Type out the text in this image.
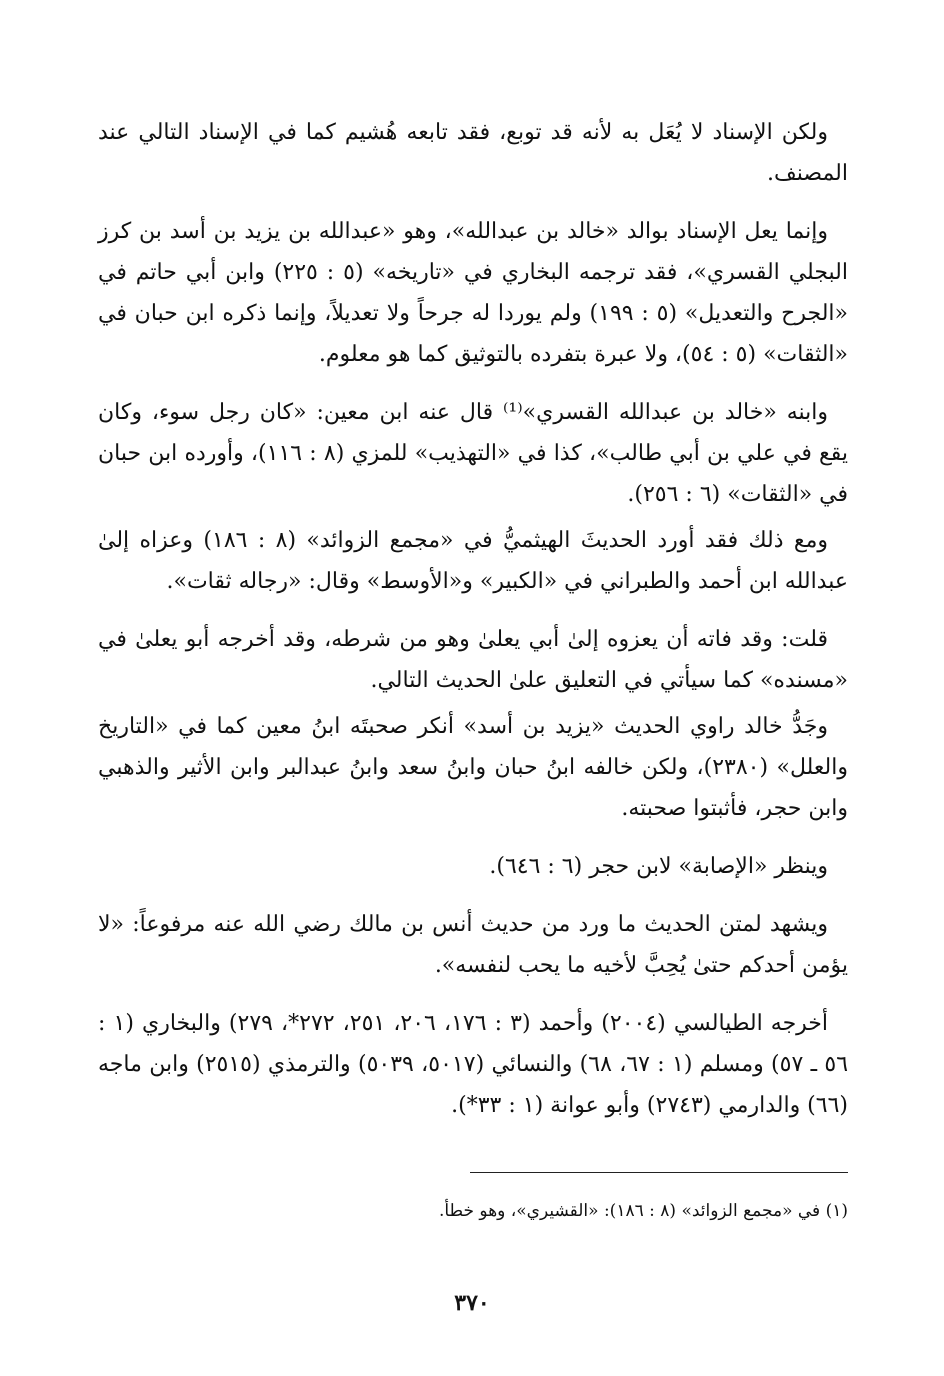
ولكن الإسناد لا يُعَل به لأنه قد توبع، فقد تابعه هُشيم كما في الإسناد التالي عند المصنف.

وإنما يعل الإسناد بوالد «خالد بن عبدالله»، وهو «عبدالله بن يزيد بن أسد بن كرز البجلي القسري»، فقد ترجمه البخاري في «تاريخه» (٥ : ٢٢٥) وابن أبي حاتم في «الجرح والتعديل» (٥ : ١٩٩) ولم يوردا له جرحاً ولا تعديلاً، وإنما ذكره ابن حبان في «الثقات» (٥ : ٥٤)، ولا عبرة بتفرده بالتوثيق كما هو معلوم.

وابنه «خالد بن عبدالله القسري»⁽¹⁾ قال عنه ابن معين: «كان رجل سوء، وكان يقع في علي بن أبي طالب»، كذا في «التهذيب» للمزي (٨ : ١١٦)، وأورده ابن حبان في «الثقات» (٦ : ٢٥٦).

ومع ذلك فقد أورد الحديثَ الهيثميُّ في «مجمع الزوائد» (٨ : ١٨٦) وعزاه إلىٰ عبدالله ابن أحمد والطبراني في «الكبير» و«الأوسط» وقال: «رجاله ثقات».

قلت: وقد فاته أن يعزوه إلىٰ أبي يعلىٰ وهو من شرطه، وقد أخرجه أبو يعلىٰ في «مسنده» كما سيأتي في التعليق علىٰ الحديث التالي.

وجَدُّ خالد راوي الحديث «يزيد بن أسد» أنكر صحبتَه ابنُ معين كما في «التاريخ والعلل» (٢٣٨٠)، ولكن خالفه ابنُ حبان وابنُ سعد وابنُ عبدالبر وابن الأثير والذهبي وابن حجر، فأثبتوا صحبته.

وينظر «الإصابة» لابن حجر (٦ : ٦٤٦).

ويشهد لمتن الحديث ما ورد من حديث أنس بن مالك رضي الله عنه مرفوعاً: «لا يؤمن أحدكم حتىٰ يُحِبَّ لأخيه ما يحب لنفسه».

أخرجه الطيالسي (٢٠٠٤) وأحمد (٣ : ١٧٦، ٢٠٦، ٢٥١، ٢٧٢*، ٢٧٩) والبخاري (١ : ٥٦ ـ ٥٧) ومسلم (١ : ٦٧، ٦٨) والنسائي (٥٠١٧، ٥٠٣٩) والترمذي (٢٥١٥) وابن ماجه (٦٦) والدارمي (٢٧٤٣) وأبو عوانة (١ : ٣٣*).

(١) في «مجمع الزوائد» (٨ : ١٨٦): «القشيري»، وهو خطأ.
٣٧٠
